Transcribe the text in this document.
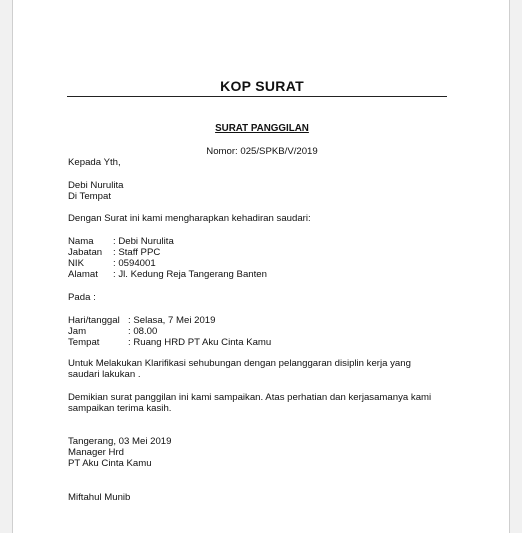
KOP SURAT
SURAT PANGGILAN
Nomor: 025/SPKB/V/2019
Kepada Yth,
Debi Nurulita
Di Tempat
Dengan Surat ini kami mengharapkan kehadiran saudari:
Nama : Debi Nurulita
Jabatan : Staff PPC
NIK	: 0594001
Alamat : Jl. Kedung Reja Tangerang Banten
Pada :
Hari/tanggal : Selasa, 7 Mei 2019
Jam	: 08.00
Tempat	: Ruang HRD PT Aku Cinta Kamu
Untuk Melakukan Klarifikasi sehubungan dengan pelanggaran disiplin kerja yang
saudari lakukan .
Demikian surat panggilan ini kami sampaikan. Atas perhatian dan kerjasamanya kami
sampaikan terima kasih.
Tangerang, 03 Mei 2019
Manager Hrd
PT Aku Cinta Kamu
Miftahul Munib
